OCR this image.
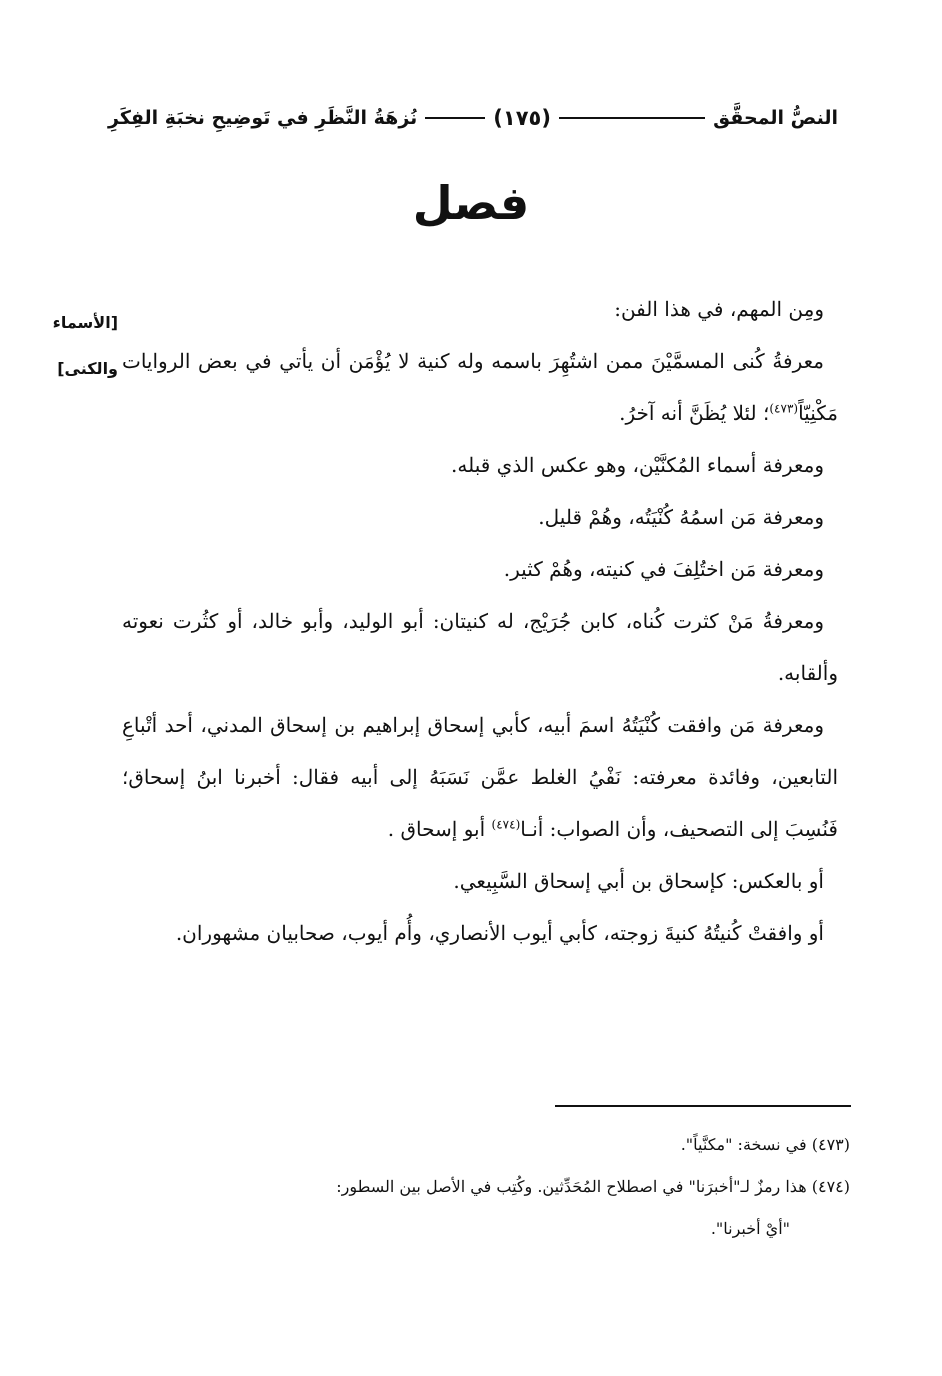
النصُّ المحقَّق
(١٧٥)
نُزهَةُ النَّظَرِ في تَوضِيحِ نخبَةِ الفِكَرِ
فصل
[الأسماء
والكنى]

ومِن المهم، في هذا الفن:

معرفةُ كُنى المسمَّيْنَ ممن اشتُهِرَ باسمه وله كنية لا يُؤْمَن أن يأتي في بعض الروايات مَكْنِيّاً$^{(٤٧٣)}$؛ لئلا يُظَنَّ أنه آخرُ.

ومعرفة أسماء المُكنَّيْن، وهو عكس الذي قبله.

ومعرفة مَن اسمُهُ كُنْيَتُه، وهُمْ قليل.

ومعرفة مَن اختُلِفَ في كنيته، وهُمْ كثير.

ومعرفةُ مَنْ كثرت كُناه، كابن جُرَيْج، له كنيتان: أبو الوليد، وأبو خالد، أو كثُرت نعوته وألقابه.

ومعرفة مَن وافقت كُنْيَتُهُ اسمَ أبيه، كأبي إسحاق إبراهيم بن إسحاق المدني، أحد أتْباعِ التابعين، وفائدة معرفته: نَفْيُ الغلط عمَّن نَسَبَهُ إلى أبيه فقال: أخبرنا ابنُ إسحاق؛ فَنُسِبَ إلى التصحيف، وأن الصواب: أنـا$^{(٤٧٤)}$ أبو إسحاق .

أو بالعكس: كإسحاق بن أبي إسحاق السَّبِيعي.

أو وافقتْ كُنيتُهُ كنيةَ زوجته، كأبي أيوب الأنصاري، وأُم أيوب، صحابيان مشهوران.

(٤٧٣) في نسخة: "مكنَّياً".

(٤٧٤) هذا رمزٌ لـ"أخبرَنا" في اصطلاح المُحَدِّثين. وكُتِب في الأصل بين السطور:

"أيْ أخبرنا".
